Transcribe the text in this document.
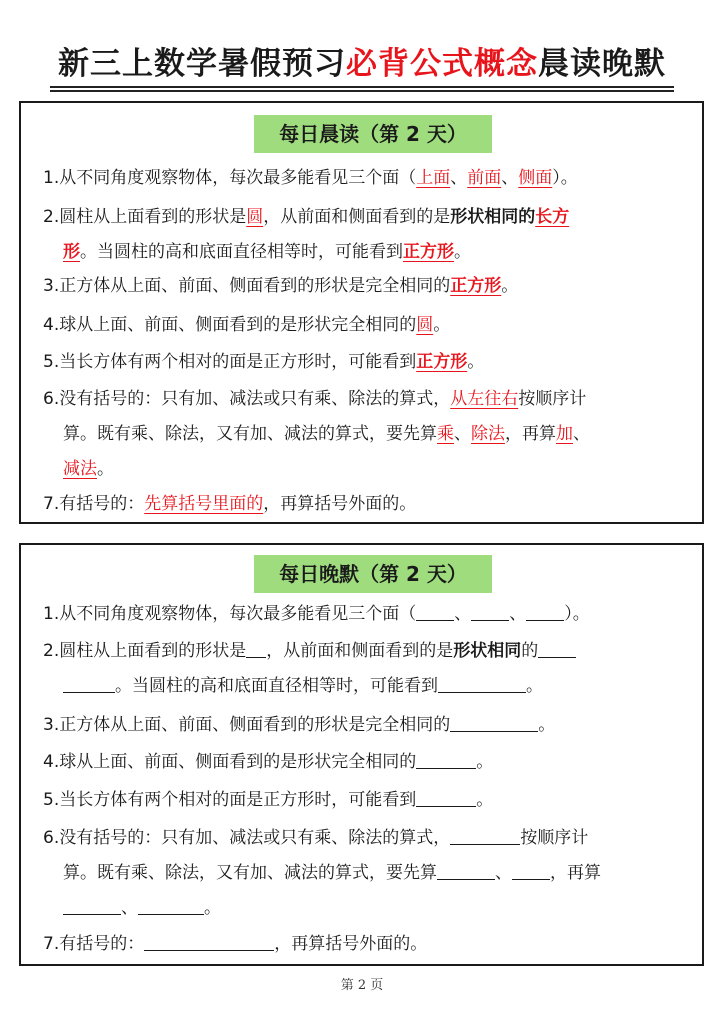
新三上数学暑假预习必背公式概念晨读晚默
每日晨读（第 2 天）
1.从不同角度观察物体，每次最多能看见三个面（上面、前面、侧面）。
2.圆柱从上面看到的形状是圆，从前面和侧面看到的是形状相同的长方
形。当圆柱的高和底面直径相等时，可能看到正方形。
3.正方体从上面、前面、侧面看到的形状是完全相同的正方形。
4.球从上面、前面、侧面看到的是形状完全相同的圆。
5.当长方体有两个相对的面是正方形时，可能看到正方形。
6.没有括号的：只有加、减法或只有乘、除法的算式，从左往右按顺序计
算。既有乘、除法，又有加、减法的算式，要先算乘、除法，再算加、
减法。
7.有括号的：先算括号里面的，再算括号外面的。
每日晚默（第 2 天）
1.从不同角度观察物体，每次最多能看见三个面（ 、 、 ）。
2.圆柱从上面看到的形状是 ，从前面和侧面看到的是形状相同的
。当圆柱的高和底面直径相等时，可能看到	。
3.正方体从上面、前面、侧面看到的形状是完全相同的	。
4.球从上面、前面、侧面看到的是形状完全相同的	。
5.当长方体有两个相对的面是正方形时，可能看到	。
6.没有括号的：只有加、减法或只有乘、除法的算式，	按顺序计
算。既有乘、除法，又有加、减法的算式，要先算	、 ，再算
、	。
7.有括号的：	，再算括号外面的。
第 2 页
